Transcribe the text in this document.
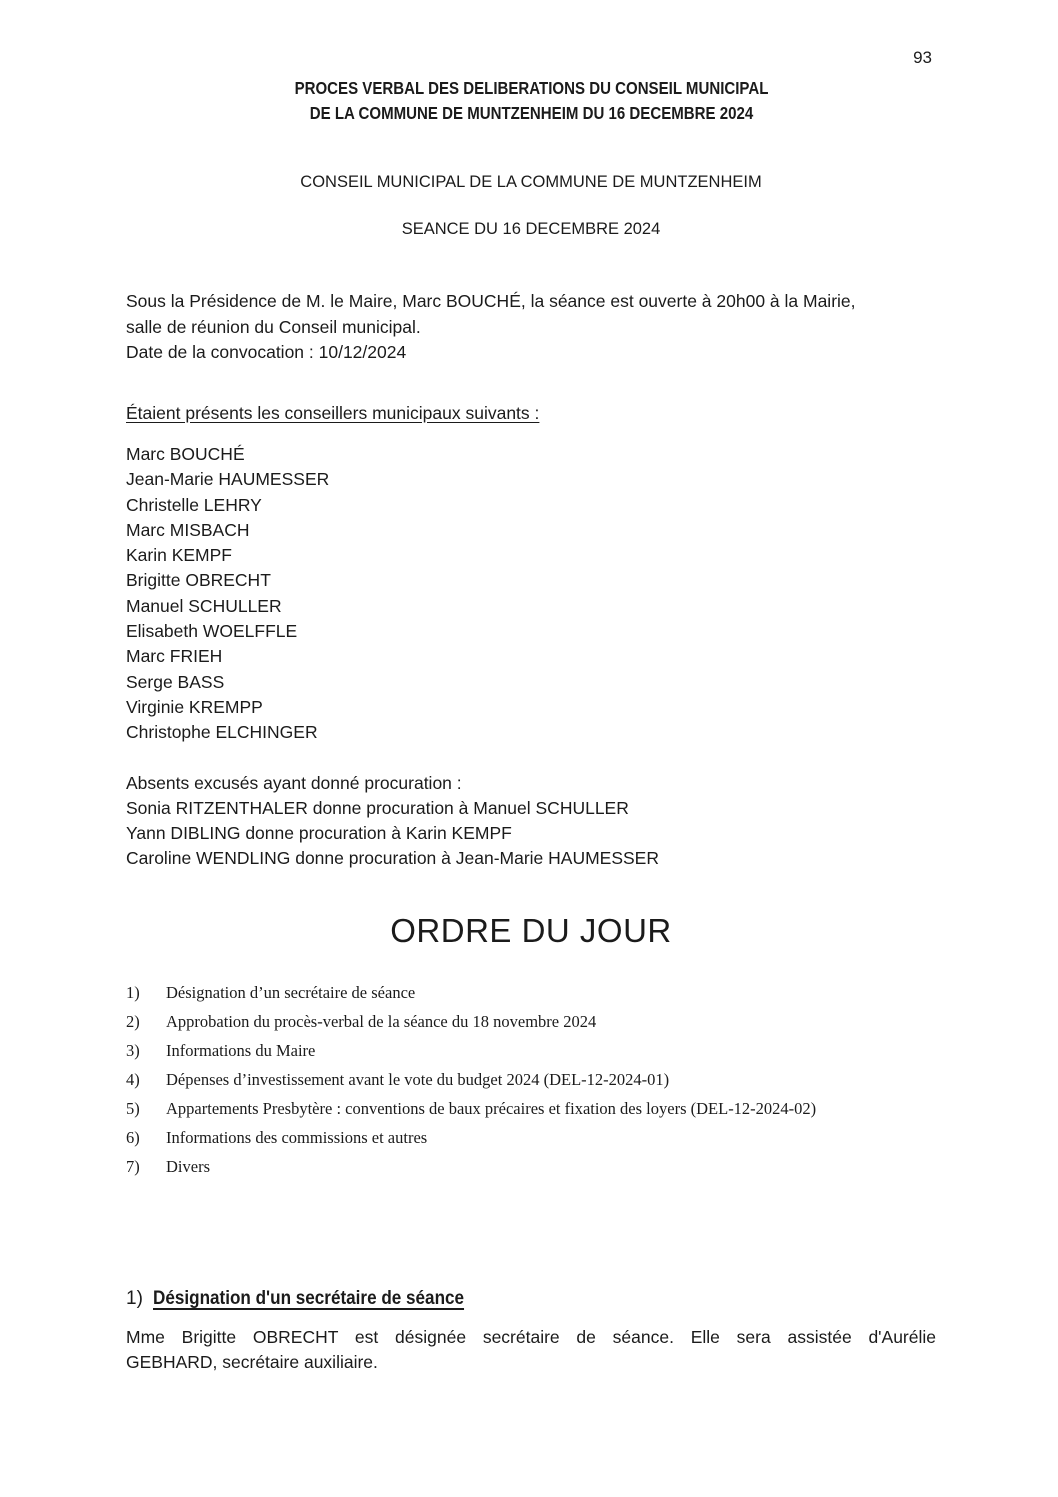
93
PROCES VERBAL DES DELIBERATIONS DU CONSEIL MUNICIPAL
DE LA COMMUNE DE MUNTZENHEIM DU 16 DECEMBRE 2024
CONSEIL MUNICIPAL DE LA COMMUNE DE MUNTZENHEIM
SEANCE DU 16 DECEMBRE 2024
Sous la Présidence de M. le Maire, Marc BOUCHÉ, la séance est ouverte à 20h00 à la Mairie,
salle de réunion du Conseil municipal.
Date de la convocation : 10/12/2024
Étaient présents les conseillers municipaux suivants :
Marc BOUCHÉ
Jean-Marie HAUMESSER
Christelle LEHRY
Marc MISBACH
Karin KEMPF
Brigitte OBRECHT
Manuel SCHULLER
Elisabeth WOELFFLE
Marc FRIEH
Serge BASS
Virginie KREMPP
Christophe ELCHINGER
Absents excusés ayant donné procuration :
Sonia RITZENTHALER donne procuration à Manuel SCHULLER
Yann DIBLING donne procuration à Karin KEMPF
Caroline WENDLING donne procuration à Jean-Marie HAUMESSER
ORDRE DU JOUR
1)	Désignation d’un secrétaire de séance
2)	Approbation du procès-verbal de la séance du 18 novembre 2024
3)	Informations du Maire
4)	Dépenses d’investissement avant le vote du budget 2024 (DEL-12-2024-01)
5)	Appartements Presbytère : conventions de baux précaires et fixation des loyers (DEL-12-2024-02)
6)	Informations des commissions et autres
7)	Divers
1) Désignation d'un secrétaire de séance
Mme Brigitte OBRECHT est désignée secrétaire de séance. Elle sera assistée d'Aurélie
GEBHARD, secrétaire auxiliaire.
